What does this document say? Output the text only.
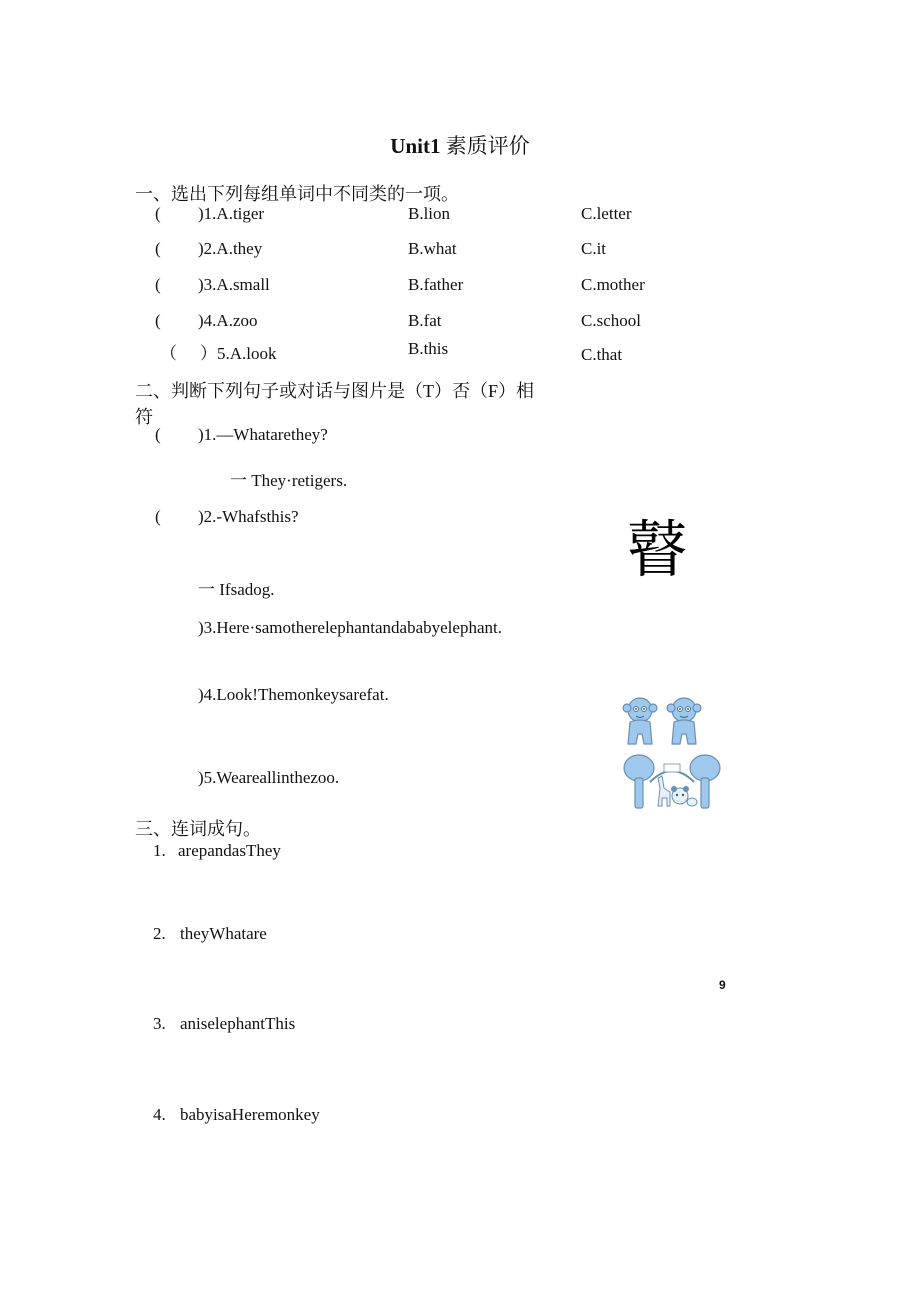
Unit1 素质评价
一、选出下列每组单词中不同类的一项。
( )1.A.tiger	B.lion	C.letter
( )2.A.they	B.what	C.it
( )3.A.small	B.father	C.mother
( )4.A.zoo	B.fat	C.school
（ ）5.A.look	B.this	C.that
二、判断下列句子或对话与图片是（T）否（F）相
符
( )1.—Whatarethey?
一 They·retigers.
( )2.-Whafsthis?
一 Ifsadog.
)3.Here·samotherelephantandababyelephant.
)4.Look!Themonkeysarefat.
)5.Weareallinthezoo.
瞽
三、连词成句。
1. arepandasThey
2. theyWhatare
3. aniselephantThis
4. babyisaHeremonkey
9
